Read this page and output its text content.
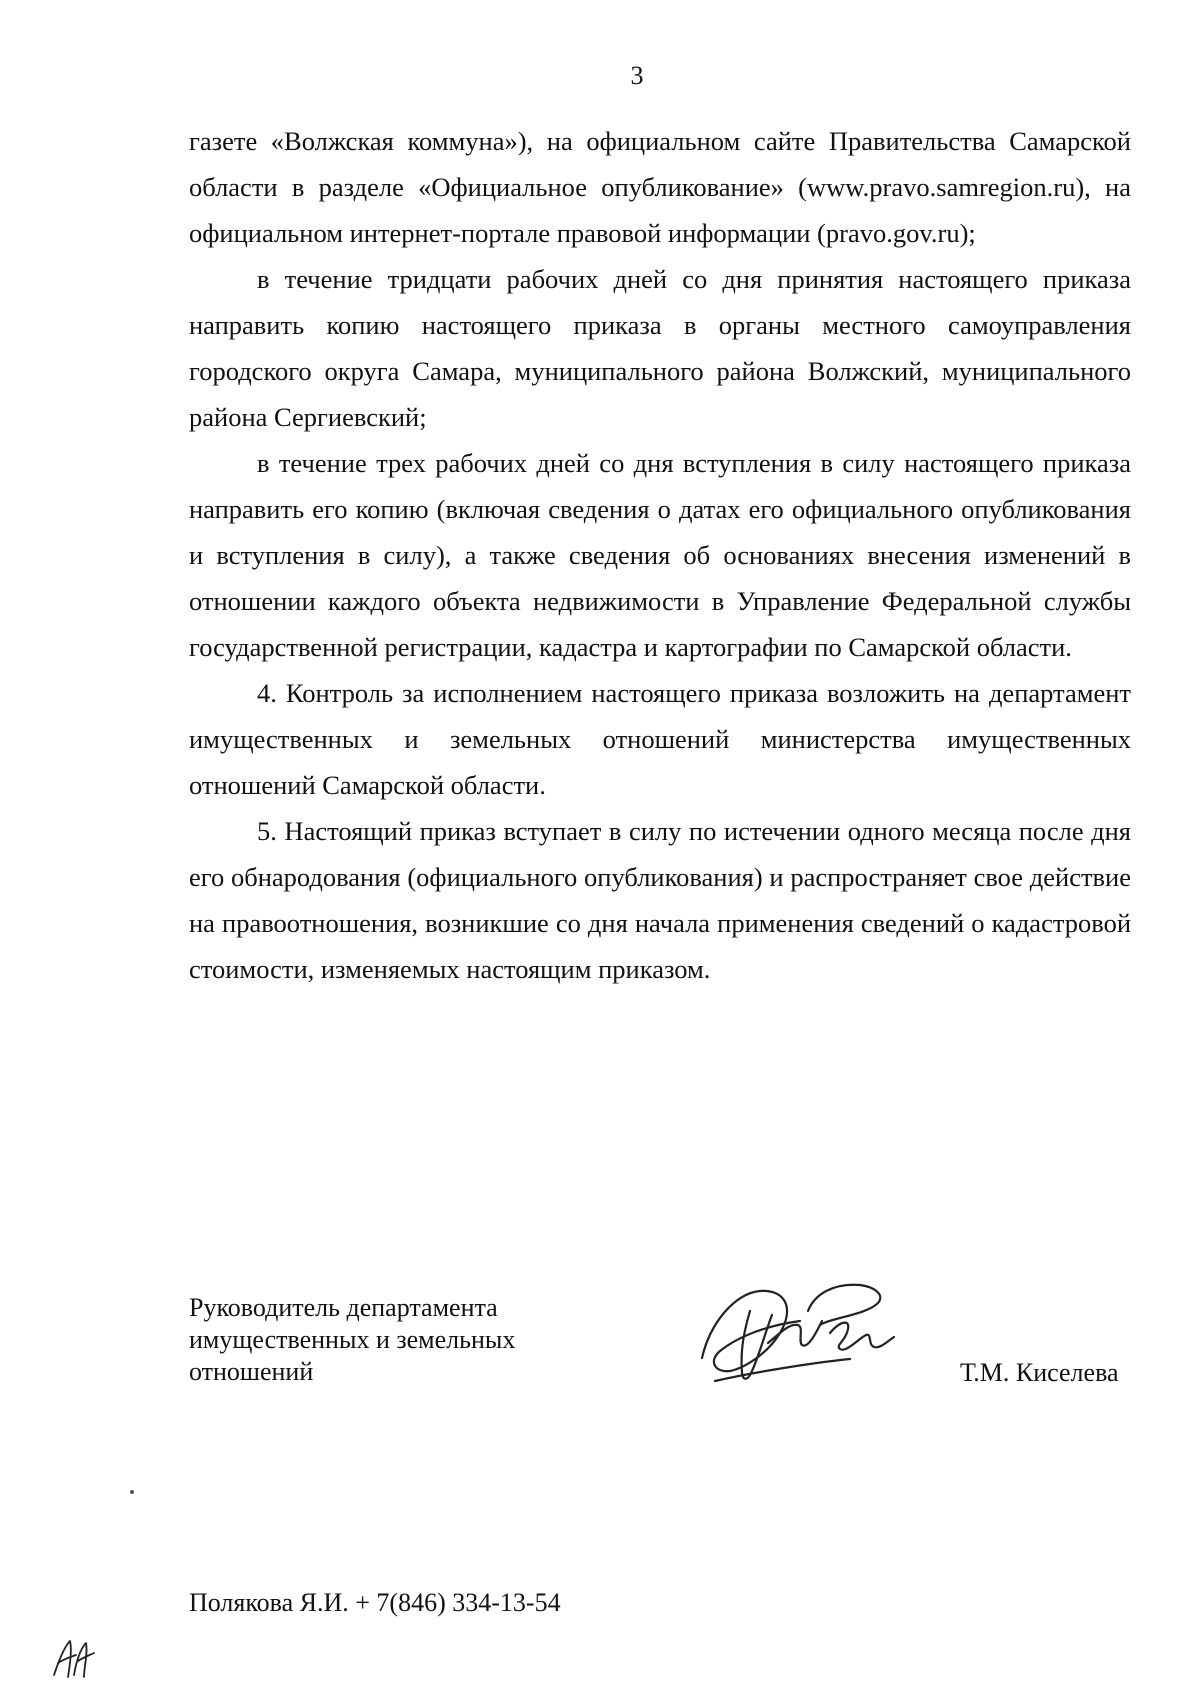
3

газете «Волжская коммуна»), на официальном сайте Правительства Самарской области в разделе «Официальное опубликование» (www.pravo.samregion.ru), на официальном интернет-портале правовой информации (pravo.gov.ru);

в течение тридцати рабочих дней со дня принятия настоящего приказа направить копию настоящего приказа в органы местного самоуправления городского округа Самара, муниципального района Волжский, муниципального района Сергиевский;

в течение трех рабочих дней со дня вступления в силу настоящего приказа направить его копию (включая сведения о датах его официального опубликования и вступления в силу), а также сведения об основаниях внесения изменений в отношении каждого объекта недвижимости в Управление Федеральной службы государственной регистрации, кадастра и картографии по Самарской области.

4. Контроль за исполнением настоящего приказа возложить на департамент имущественных и земельных отношений министерства имущественных отношений Самарской области.

5. Настоящий приказ вступает в силу по истечении одного месяца после дня его обнародования (официального опубликования) и распространяет свое действие на правоотношения, возникшие со дня начала применения сведений о кадастровой стоимости, изменяемых настоящим приказом.

Руководитель департамента
имущественных и земельных
отношений	Т.М. Киселева
Полякова Я.И. + 7(846) 334-13-54
